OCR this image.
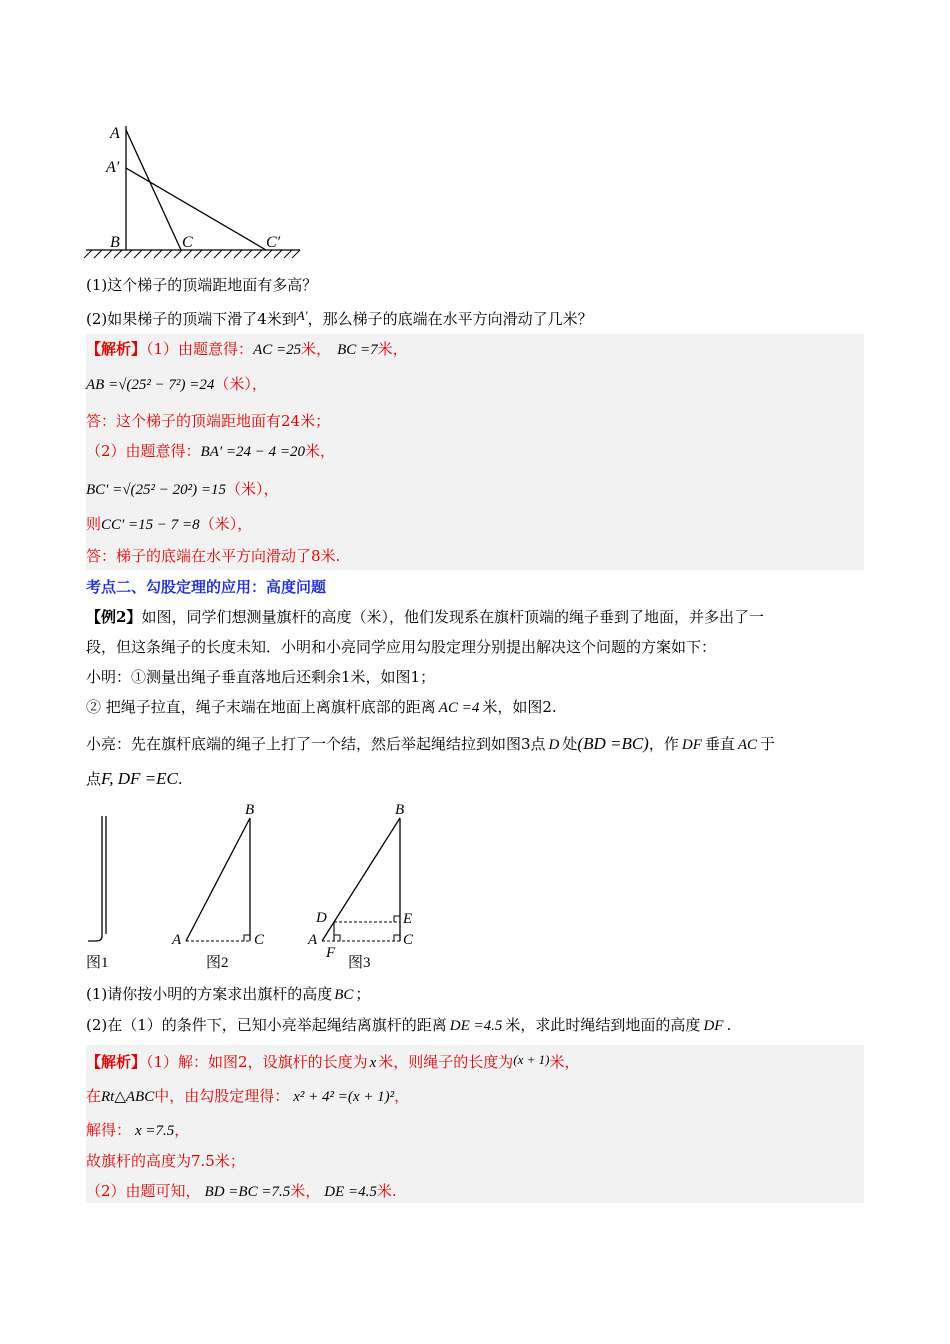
A
A′
B	C	C′
(1)这个梯子的顶端距地面有多高？
(2)如果梯子的顶端下滑了4米到A′，那么梯子的底端在水平方向滑动了几米？
【解析】（1）由题意得：AC =25米， BC =7米，
AB =√(25² − 7²) =24（米），
答：这个梯子的顶端距地面有24米；
（2）由题意得：BA′ =24 − 4 =20米，
BC′ =√(25² − 20²) =15（米），
则CC′ =15 − 7 =8（米），
答：梯子的底端在水平方向滑动了8米.
考点二、勾股定理的应用：高度问题
【例2】如图，同学们想测量旗杆的高度（米），他们发现系在旗杆顶端的绳子垂到了地面，并多出了一
段，但这条绳子的长度未知．小明和小亮同学应用勾股定理分别提出解决这个问题的方案如下：
小明：①测量出绳子垂直落地后还剩余1米，如图1；
② 把绳子拉直，绳子末端在地面上离旗杆底部的距离 AC =4 米，如图2.
小亮：先在旗杆底端的绳子上打了一个结，然后举起绳结拉到如图3点 D 处(BD =BC)，作 DF 垂直 AC 于
点F, DF =EC.
B
A	C
B
D	E
A	C
F
图1	图2	图3
(1)请你按小明的方案求出旗杆的高度 BC ；
(2)在（1）的条件下，已知小亮举起绳结离旗杆的距离 DE =4.5 米，求此时绳结到地面的高度 DF .
【解析】（1）解：如图2，设旗杆的长度为 x 米，则绳子的长度为(x + 1)米，
在Rt△ABC中，由勾股定理得： x² + 4² =(x + 1)²，
解得： x =7.5，
故旗杆的高度为7.5米；
（2）由题可知， BD =BC =7.5米， DE =4.5米.
